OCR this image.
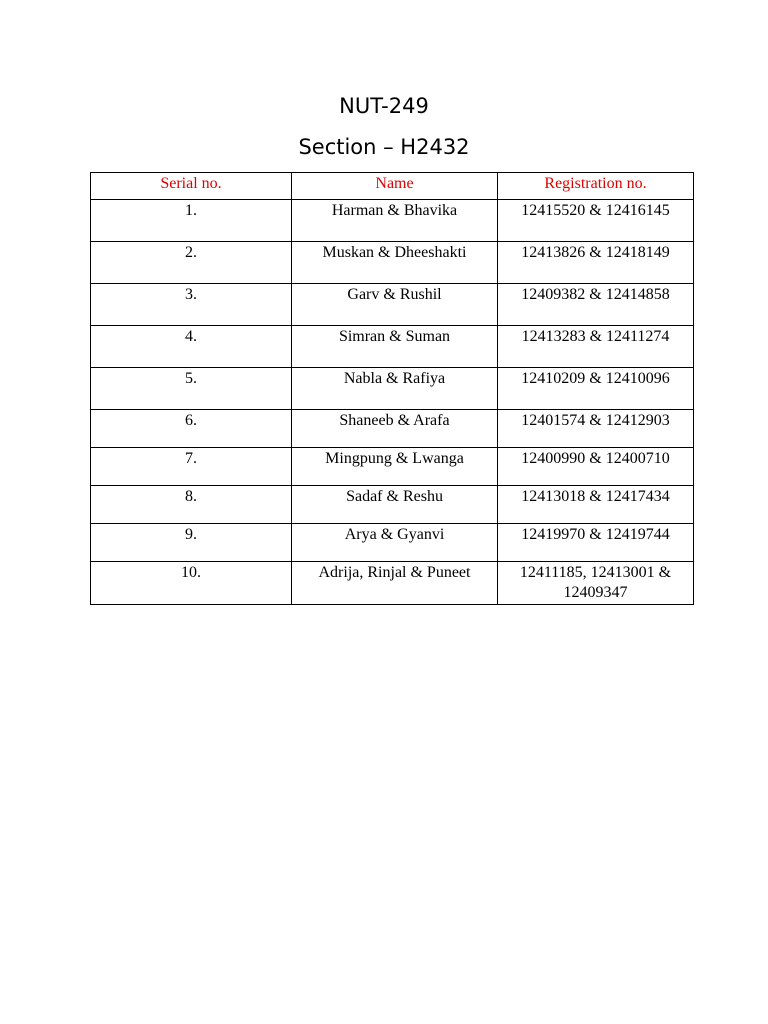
NUT-249
Section – H2432
Serial no.	Name	Registration no.
1.	Harman & Bhavika	12415520 & 12416145
2.	Muskan & Dheeshakti	12413826 & 12418149
3.	Garv & Rushil	12409382 & 12414858
4.	Simran & Suman	12413283 & 12411274
5.	Nabla & Rafiya	12410209 & 12410096
6.	Shaneeb & Arafa	12401574 & 12412903
7.	Mingpung & Lwanga	12400990 & 12400710
8.	Sadaf & Reshu	12413018 & 12417434
9.	Arya & Gyanvi	12419970 & 12419744
10.	Adrija, Rinjal & Puneet	12411185, 12413001 & 12409347
